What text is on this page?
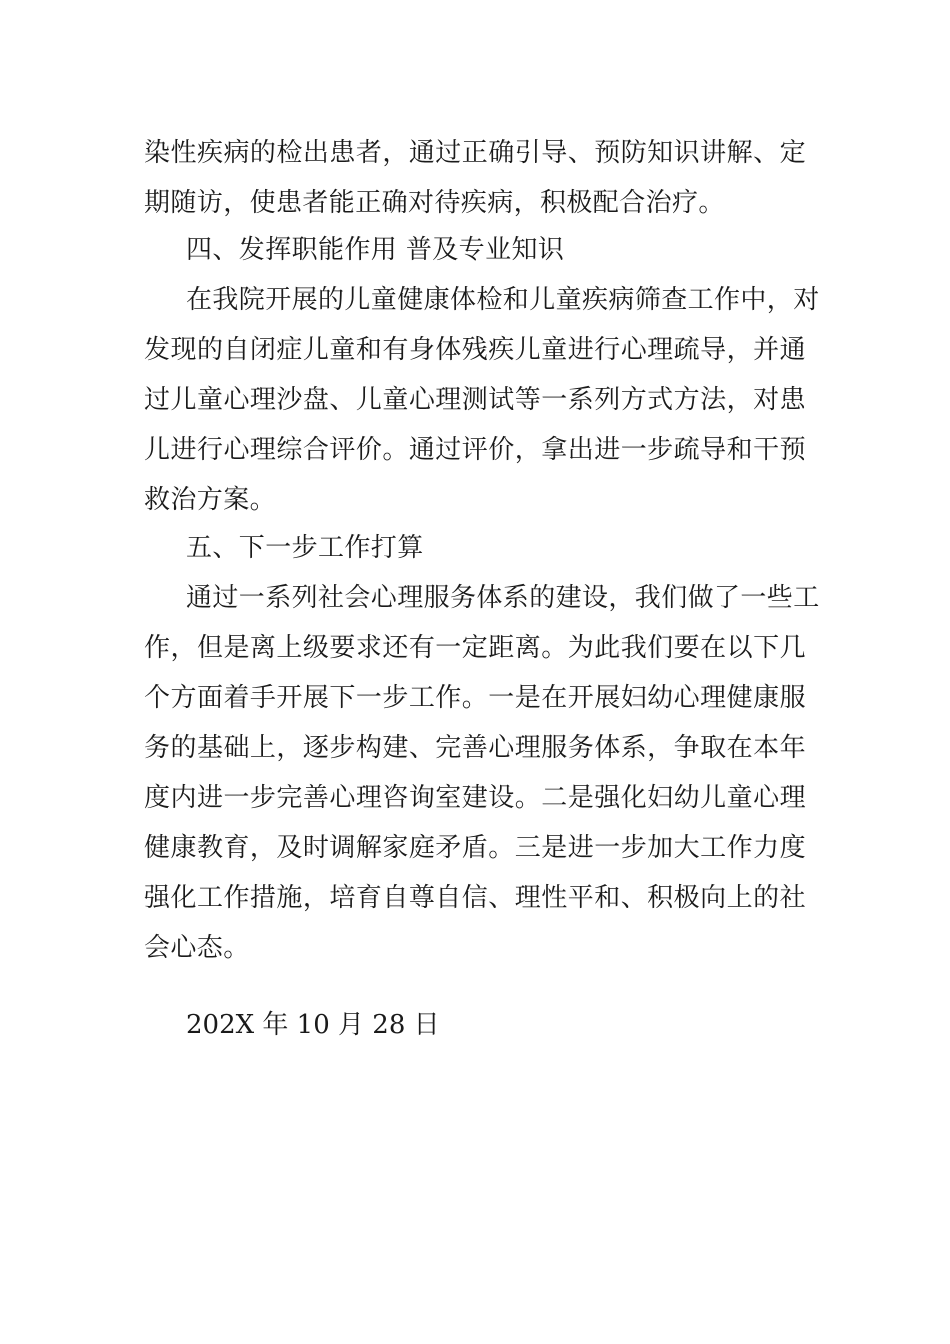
染性疾病的检出患者，通过正确引导、预防知识讲解、定
期随访，使患者能正确对待疾病，积极配合治疗。
四、发挥职能作用 普及专业知识
在我院开展的儿童健康体检和儿童疾病筛查工作中，对
发现的自闭症儿童和有身体残疾儿童进行心理疏导，并通
过儿童心理沙盘、儿童心理测试等一系列方式方法，对患
儿进行心理综合评价。通过评价，拿出进一步疏导和干预
救治方案。
五、下一步工作打算
通过一系列社会心理服务体系的建设，我们做了一些工
作，但是离上级要求还有一定距离。为此我们要在以下几
个方面着手开展下一步工作。一是在开展妇幼心理健康服
务的基础上，逐步构建、完善心理服务体系，争取在本年
度内进一步完善心理咨询室建设。二是强化妇幼儿童心理
健康教育，及时调解家庭矛盾。三是进一步加大工作力度
强化工作措施，培育自尊自信、理性平和、积极向上的社
会心态。
202X 年 10 月 28 日
